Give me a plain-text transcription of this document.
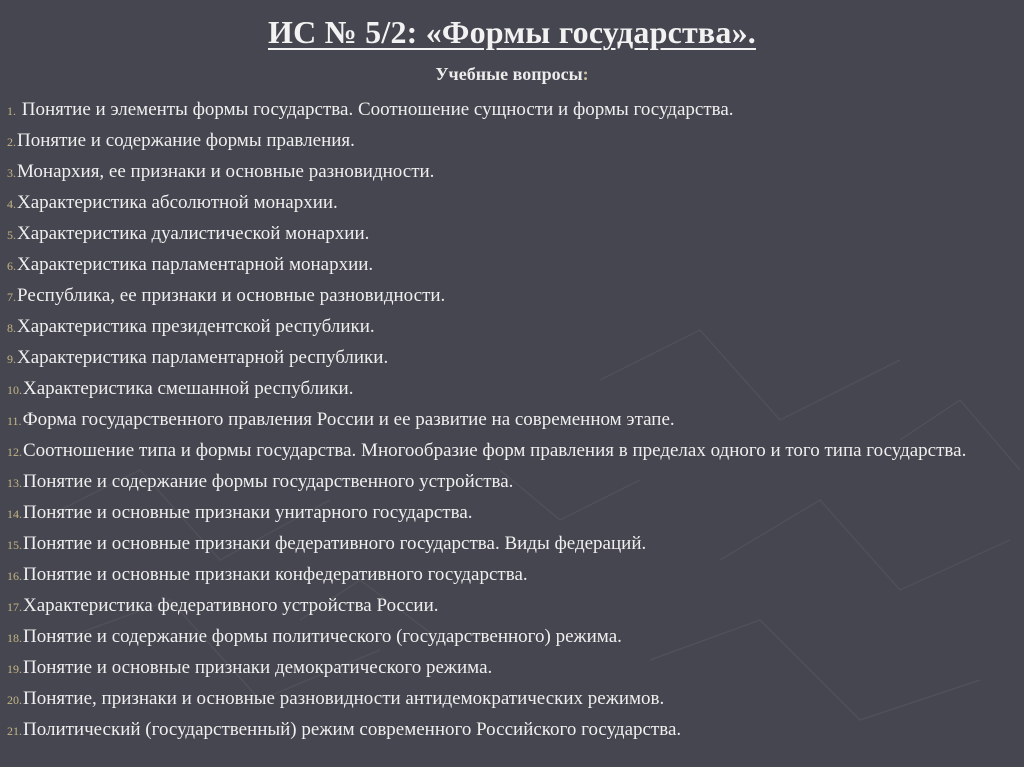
ИС № 5/2: «Формы государства».
Учебные вопросы:
1. Понятие и элементы формы государства. Соотношение сущности и формы государства.
2.Понятие и содержание формы правления.
3.Монархия, ее признаки и основные разновидности.
4.Характеристика абсолютной монархии.
5.Характеристика дуалистической монархии.
6.Характеристика парламентарной монархии.
7.Республика, ее признаки и основные разновидности.
8.Характеристика президентской республики.
9.Характеристика парламентарной республики.
10.Характеристика смешанной республики.
11.Форма государственного правления России и ее развитие на современном этапе.
12.Соотношение типа и формы государства. Многообразие форм правления в пределах одного и того типа государства.
13.Понятие и содержание формы государственного устройства.
14.Понятие и основные признаки унитарного государства.
15.Понятие и основные признаки федеративного государства. Виды федераций.
16.Понятие и основные признаки конфедеративного государства.
17.Характеристика федеративного устройства России.
18.Понятие и содержание формы политического (государственного) режима.
19.Понятие и основные признаки демократического режима.
20.Понятие, признаки и основные разновидности антидемократических режимов.
21.Политический (государственный) режим современного Российского государства.
